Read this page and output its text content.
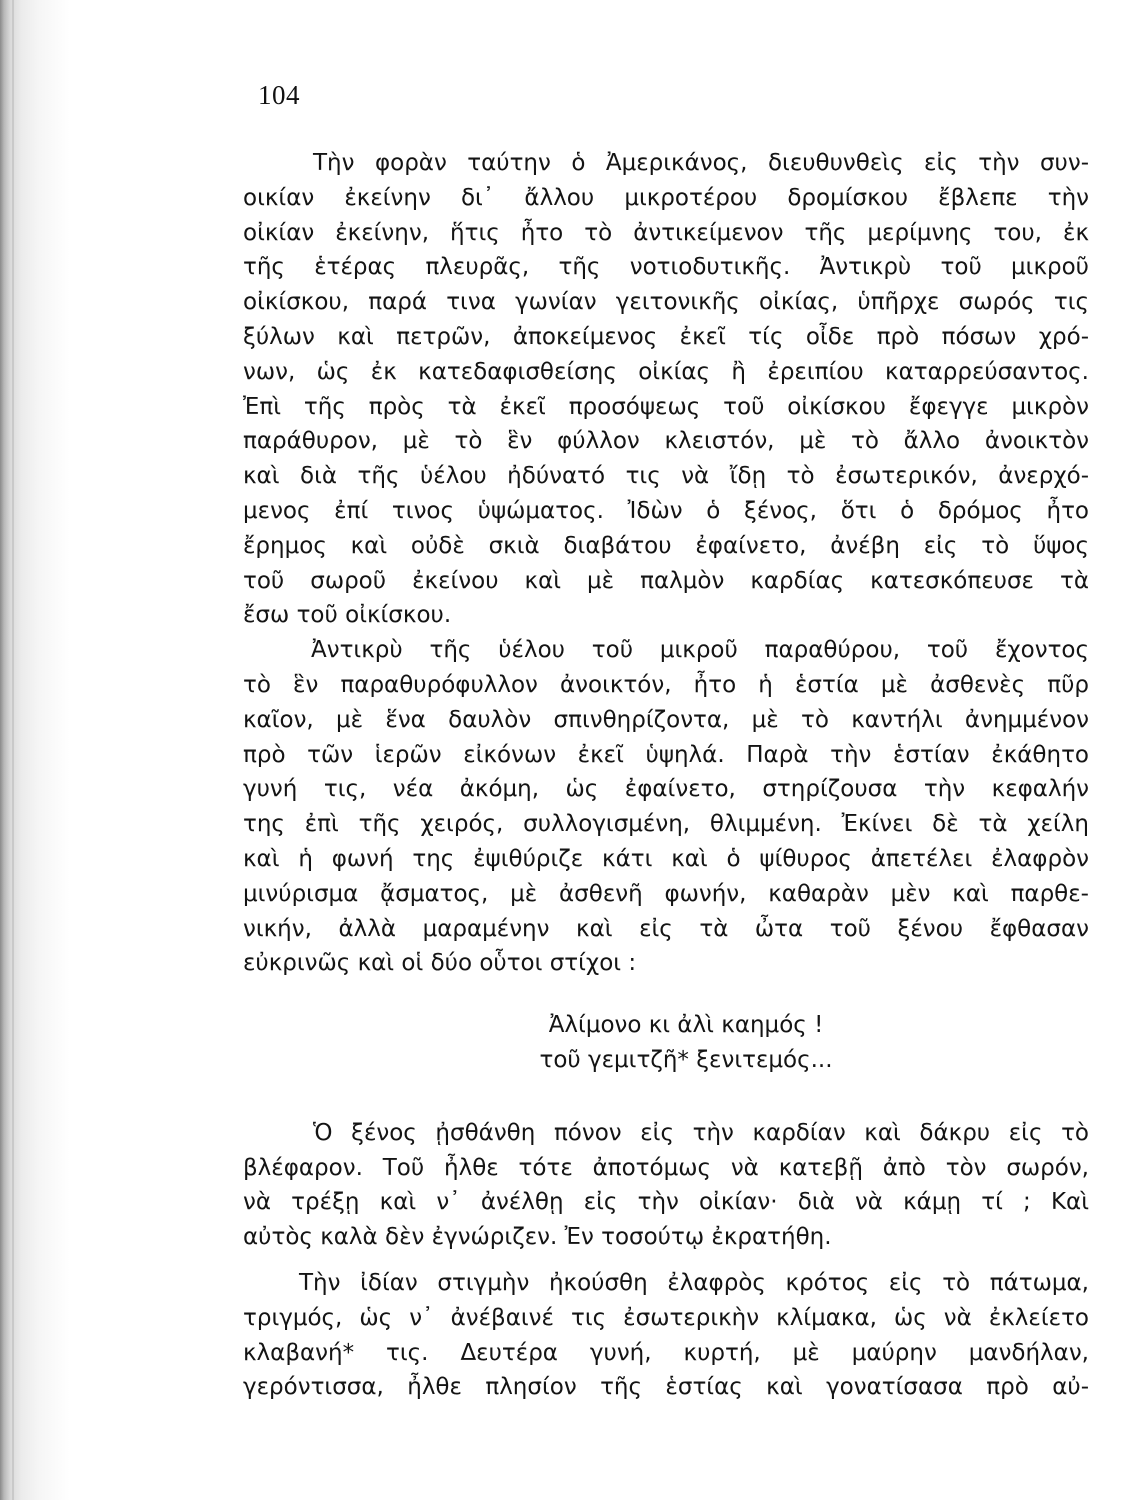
104
Τὴν φορὰν ταύτην ὁ Ἀμερικάνος, διευθυνθεὶς εἰς τὴν συν-
οικίαν ἐκείνην δι᾿ ἄλλου μικροτέρου δρομίσκου ἔβλεπε τὴν
οἰκίαν ἐκείνην, ἥτις ἦτο τὸ ἀντικείμενον τῆς μερίμνης του, ἐκ
τῆς ἑτέρας πλευρᾶς, τῆς νοτιοδυτικῆς. Ἀντικρὺ τοῦ μικροῦ
οἰκίσκου, παρά τινα γωνίαν γειτονικῆς οἰκίας, ὑπῆρχε σωρός τις
ξύλων καὶ πετρῶν, ἀποκείμενος ἐκεῖ τίς οἶδε πρὸ πόσων χρό-
νων, ὡς ἐκ κατεδαφισθείσης οἰκίας ἢ ἐρειπίου καταρρεύσαντος.
Ἐπὶ τῆς πρὸς τὰ ἐκεῖ προσόψεως τοῦ οἰκίσκου ἔφεγγε μικρὸν
παράθυρον, μὲ τὸ ἓν φύλλον κλειστόν, μὲ τὸ ἄλλο ἀνοικτὸν
καὶ διὰ τῆς ὑέλου ἠδύνατό τις νὰ ἴδῃ τὸ ἐσωτερικόν, ἀνερχό-
μενος ἐπί τινος ὑψώματος. Ἰδὼν ὁ ξένος, ὅτι ὁ δρόμος ἦτο
ἔρημος καὶ οὐδὲ σκιὰ διαβάτου ἐφαίνετο, ἀνέβη εἰς τὸ ὕψος
τοῦ σωροῦ ἐκείνου καὶ μὲ παλμὸν καρδίας κατεσκόπευσε τὰ
ἔσω τοῦ οἰκίσκου.
Ἀντικρὺ τῆς ὑέλου τοῦ μικροῦ παραθύρου, τοῦ ἔχοντος
τὸ ἓν παραθυρόφυλλον ἀνοικτόν, ἦτο ἡ ἑστία μὲ ἀσθενὲς πῦρ
καῖον, μὲ ἕνα δαυλὸν σπινθηρίζοντα, μὲ τὸ καντήλι ἀνημμένον
πρὸ τῶν ἱερῶν εἰκόνων ἐκεῖ ὑψηλά. Παρὰ τὴν ἑστίαν ἐκάθητο
γυνή τις, νέα ἀκόμη, ὡς ἐφαίνετο, στηρίζουσα τὴν κεφαλήν
της ἐπὶ τῆς χειρός, συλλογισμένη, θλιμμένη. Ἐκίνει δὲ τὰ χείλη
καὶ ἡ φωνή της ἐψιθύριζε κάτι καὶ ὁ ψίθυρος ἀπετέλει ἐλαφρὸν
μινύρισμα ᾄσματος, μὲ ἀσθενῆ φωνήν, καθαρὰν μὲν καὶ παρθε-
νικήν, ἀλλὰ μαραμένην καὶ εἰς τὰ ὦτα τοῦ ξένου ἔφθασαν
εὐκρινῶς καὶ οἱ δύο οὗτοι στίχοι :
Ἀλίμονο κι ἀλὶ καημός !
τοῦ γεμιτζῆ* ξενιτεμός...
Ὁ ξένος ᾐσθάνθη πόνον εἰς τὴν καρδίαν καὶ δάκρυ εἰς τὸ
βλέφαρον. Τοῦ ἦλθε τότε ἀποτόμως νὰ κατεβῇ ἀπὸ τὸν σωρόν,
νὰ τρέξῃ καὶ ν᾿ ἀνέλθῃ εἰς τὴν οἰκίαν· διὰ νὰ κάμῃ τί ; Καὶ
αὐτὸς καλὰ δὲν ἐγνώριζεν. Ἐν τοσούτῳ ἐκρατήθη.
Τὴν ἰδίαν στιγμὴν ἠκούσθη ἐλαφρὸς κρότος εἰς τὸ πάτωμα,
τριγμός, ὡς ν᾿ ἀνέβαινέ τις ἐσωτερικὴν κλίμακα, ὡς νὰ ἐκλείετο
κλαβανή* τις. Δευτέρα γυνή, κυρτή, μὲ μαύρην μανδήλαν,
γερόντισσα, ἦλθε πλησίον τῆς ἑστίας καὶ γονατίσασα πρὸ αὐ-
